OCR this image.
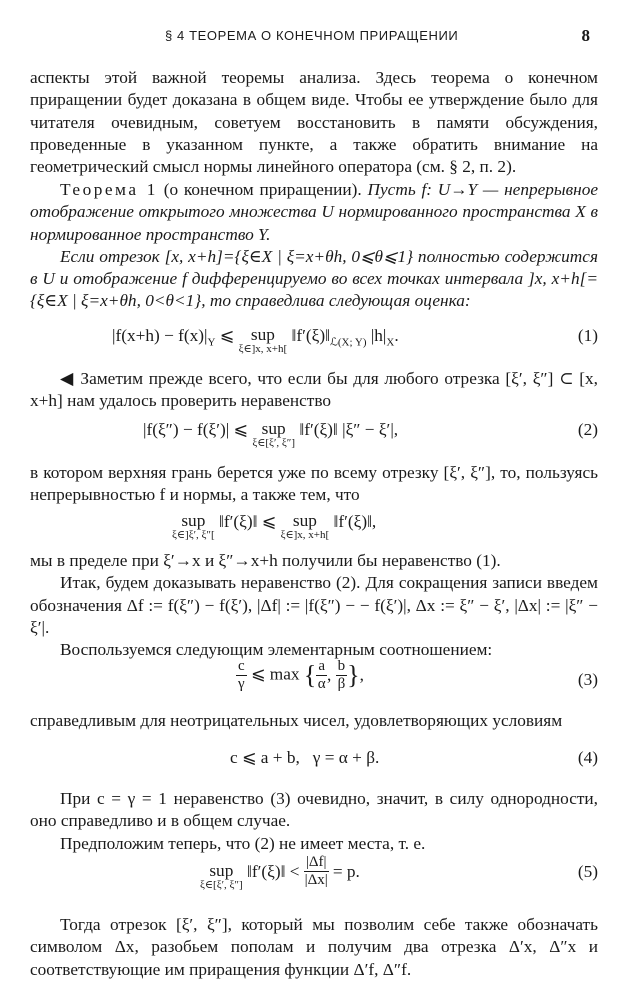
§ 4 ТЕОРЕМА О КОНЕЧНОМ ПРИРАЩЕНИИ	8

аспекты этой важной теоремы анализа. Здесь теорема о конечном приращении будет доказана в общем виде. Чтобы ее утверждение было для читателя очевидным, советуем восстановить в памяти обсуждения, проведенные в указанном пункте, а также обратить внимание на геометрический смысл нормы линейного оператора (см. § 2, п. 2).

Теорема 1 (о конечном приращении). Пусть f: U→Y — непрерывное отображение открытого множества U нормированного пространства X в нормированное пространство Y.

Если отрезок [x, x+h]={ξ∈X | ξ=x+θh, 0⩽θ⩽1} полностью содержится в U и отображение f дифференцируемо во всех точках интервала ]x, x+h[={ξ∈X | ξ=x+θh, 0<θ<1}, то справедлива следующая оценка:

$|f(x+h) - f(x)|_Y$ ⩽ sup
ξ∈]x, x+h[
$‖f'(\xi)‖_{ℒ(X; Y)}$ $|h|_X$.	(1)

◀ Заметим прежде всего, что если бы для любого отрезка [ξ′, ξ″] ⊂ [x, x+h] нам удалось проверить неравенство

|f(ξ″) − f(ξ′)| ⩽ sup
ξ∈[ξ′, ξ″]
‖f′(ξ)‖ |ξ″ − ξ′|,	(2)

в котором верхняя грань берется уже по всему отрезку [ξ′, ξ″], то, пользуясь непрерывностью f и нормы, а также тем, что

sup
ξ∈]ξ′, ξ″[
‖f′(ξ)‖ ⩽ sup
ξ∈]x, x+h[
‖f′(ξ)‖,

мы в пределе при ξ′→x и ξ″→x+h получили бы неравенство (1).

Итак, будем доказывать неравенство (2). Для сокращения записи введем обозначения Δf := f(ξ″) − f(ξ′), |Δf| := |f(ξ″) − − f(ξ′)|, Δx := ξ″ − ξ′, |Δx| := |ξ″ − ξ′|.

Воспользуемся следующим элементарным соотношением:

$\frac{c}{\gamma}$ ⩽ max { $\frac{a}{\alpha}$ , $\frac{b}{\beta}$ },	(3)

справедливым для неотрицательных чисел, удовлетворяющих условиям

c ⩽ a + b,   γ = α + β.	(4)

При c = γ = 1 неравенство (3) очевидно, значит, в силу однородности, оно справедливо и в общем случае.

Предположим теперь, что (2) не имеет места, т. е.

sup
ξ∈[ξ′, ξ″]
‖f′(ξ)‖ < $\frac{|\Delta f|}{|\Delta x|} = p$.	(5)

Тогда отрезок [ξ′, ξ″], который мы позволим себе также обозначать символом Δx, разобьем пополам и получим два отрезка Δ′x, Δ″x и соответствующие им приращения функции Δ′f, Δ″f.
